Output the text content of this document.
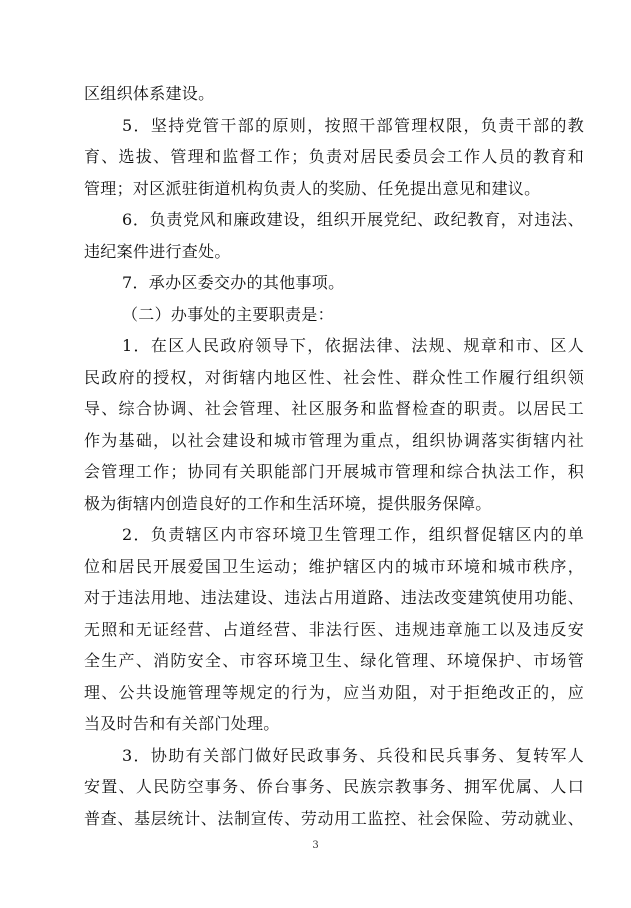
区组织体系建设。
5．坚持党管干部的原则，按照干部管理权限，负责干部的教
育、选拔、管理和监督工作；负责对居民委员会工作人员的教育和
管理；对区派驻街道机构负责人的奖励、任免提出意见和建议。
6．负责党风和廉政建设，组织开展党纪、政纪教育，对违法、
违纪案件进行查处。
7．承办区委交办的其他事项。
（二）办事处的主要职责是：
1．在区人民政府领导下，依据法律、法规、规章和市、区人
民政府的授权，对街辖内地区性、社会性、群众性工作履行组织领
导、综合协调、社会管理、社区服务和监督检查的职责。以居民工
作为基础，以社会建设和城市管理为重点，组织协调落实街辖内社
会管理工作；协同有关职能部门开展城市管理和综合执法工作，积
极为街辖内创造良好的工作和生活环境，提供服务保障。
2．负责辖区内市容环境卫生管理工作，组织督促辖区内的单
位和居民开展爱国卫生运动；维护辖区内的城市环境和城市秩序，
对于违法用地、违法建设、违法占用道路、违法改变建筑使用功能、
无照和无证经营、占道经营、非法行医、违规违章施工以及违反安
全生产、消防安全、市容环境卫生、绿化管理、环境保护、市场管
理、公共设施管理等规定的行为，应当劝阻，对于拒绝改正的，应
当及时告和有关部门处理。
3．协助有关部门做好民政事务、兵役和民兵事务、复转军人
安置、人民防空事务、侨台事务、民族宗教事务、拥军优属、人口
普查、基层统计、法制宣传、劳动用工监控、社会保险、劳动就业、
3
